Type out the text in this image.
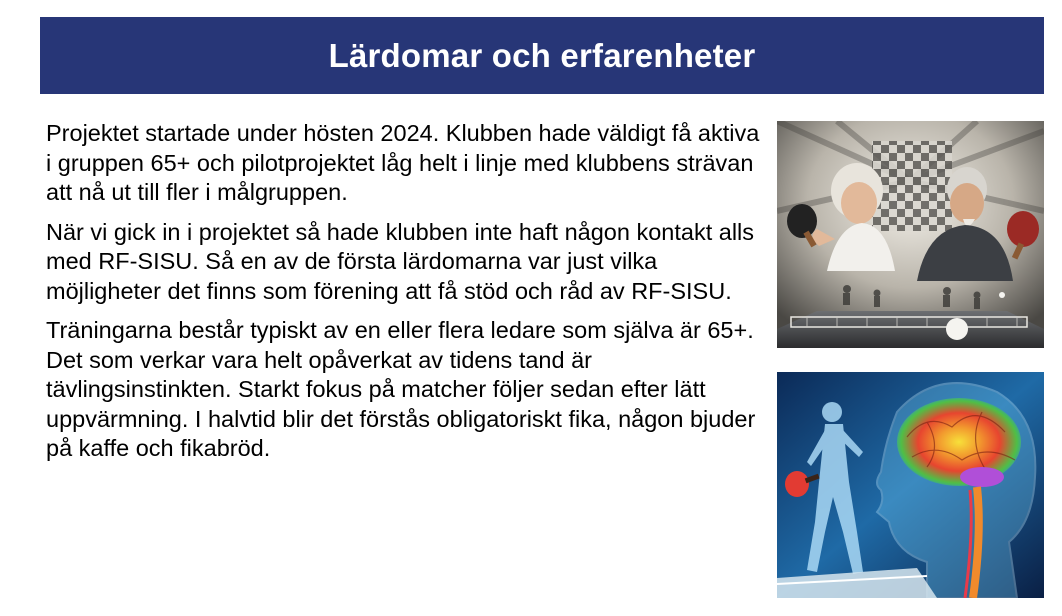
Lärdomar och erfarenheter

Projektet startade under hösten 2024. Klubben hade väldigt få aktiva i gruppen 65+ och pilotprojektet låg helt i linje med klubbens strävan att nå ut till fler i målgruppen.

När vi gick in i projektet så hade klubben inte haft någon kontakt alls med RF-SISU. Så en av de första lärdomarna var just vilka möjligheter det finns som förening att få stöd och råd av RF-SISU.

Träningarna består typiskt av en eller flera ledare som själva är 65+. Det som verkar vara helt opåverkat av tidens tand är tävlingsinstinkten. Starkt fokus på matcher följer sedan efter lätt uppvärmning. I halvtid blir det förstås obligatoriskt fika, någon bjuder på kaffe och fikabröd.
